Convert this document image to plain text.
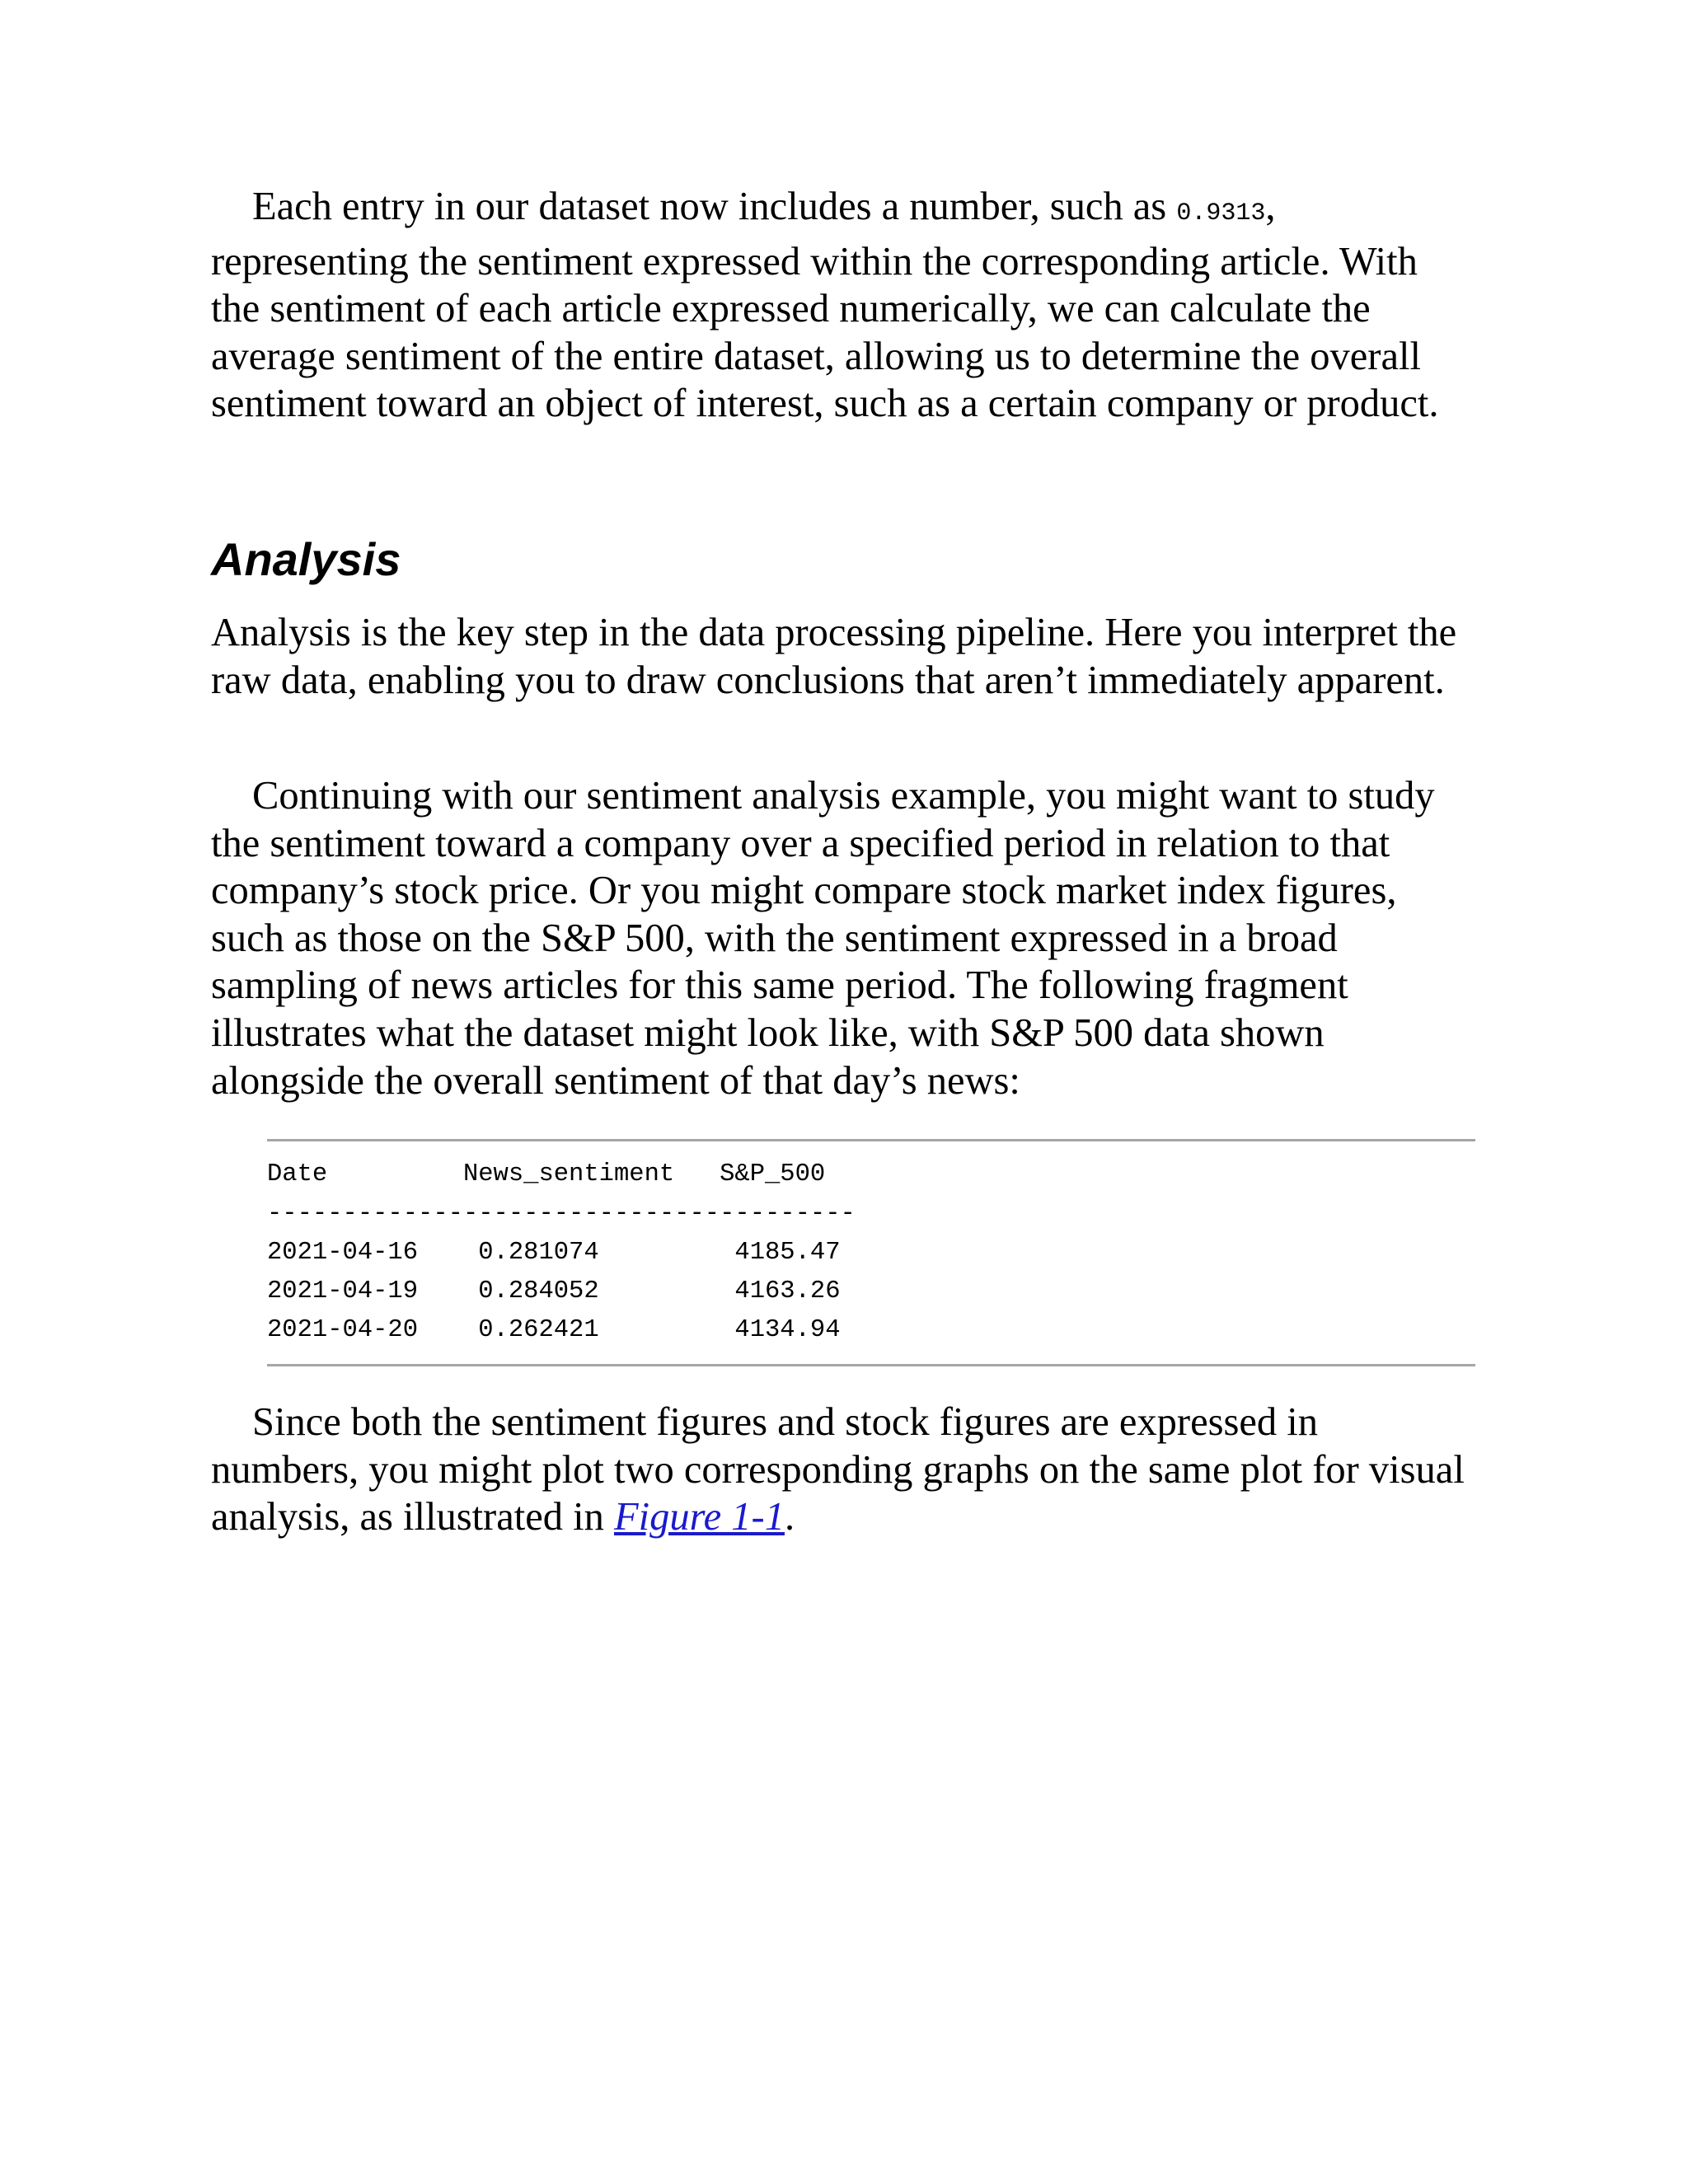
Each entry in our dataset now includes a number, such as 0.9313, representing the sentiment expressed within the corresponding article. With the sentiment of each article expressed numerically, we can calculate the average sentiment of the entire dataset, allowing us to determine the overall sentiment toward an object of interest, such as a certain company or product.

Analysis

Analysis is the key step in the data processing pipeline. Here you interpret the raw data, enabling you to draw conclusions that aren’t immediately apparent.

Continuing with our sentiment analysis example, you might want to study the sentiment toward a company over a specified period in relation to that company’s stock price. Or you might compare stock market index figures, such as those on the S&P 500, with the sentiment expressed in a broad sampling of news articles for this same period. The following fragment illustrates what the dataset might look like, with S&P 500 data shown alongside the overall sentiment of that day’s news:

Date         News_sentiment   S&P_500
---------------------------------------
2021-04-16    0.281074         4185.47
2021-04-19    0.284052         4163.26
2021-04-20    0.262421         4134.94

Since both the sentiment figures and stock figures are expressed in numbers, you might plot two corresponding graphs on the same plot for visual analysis, as illustrated in Figure 1-1.
